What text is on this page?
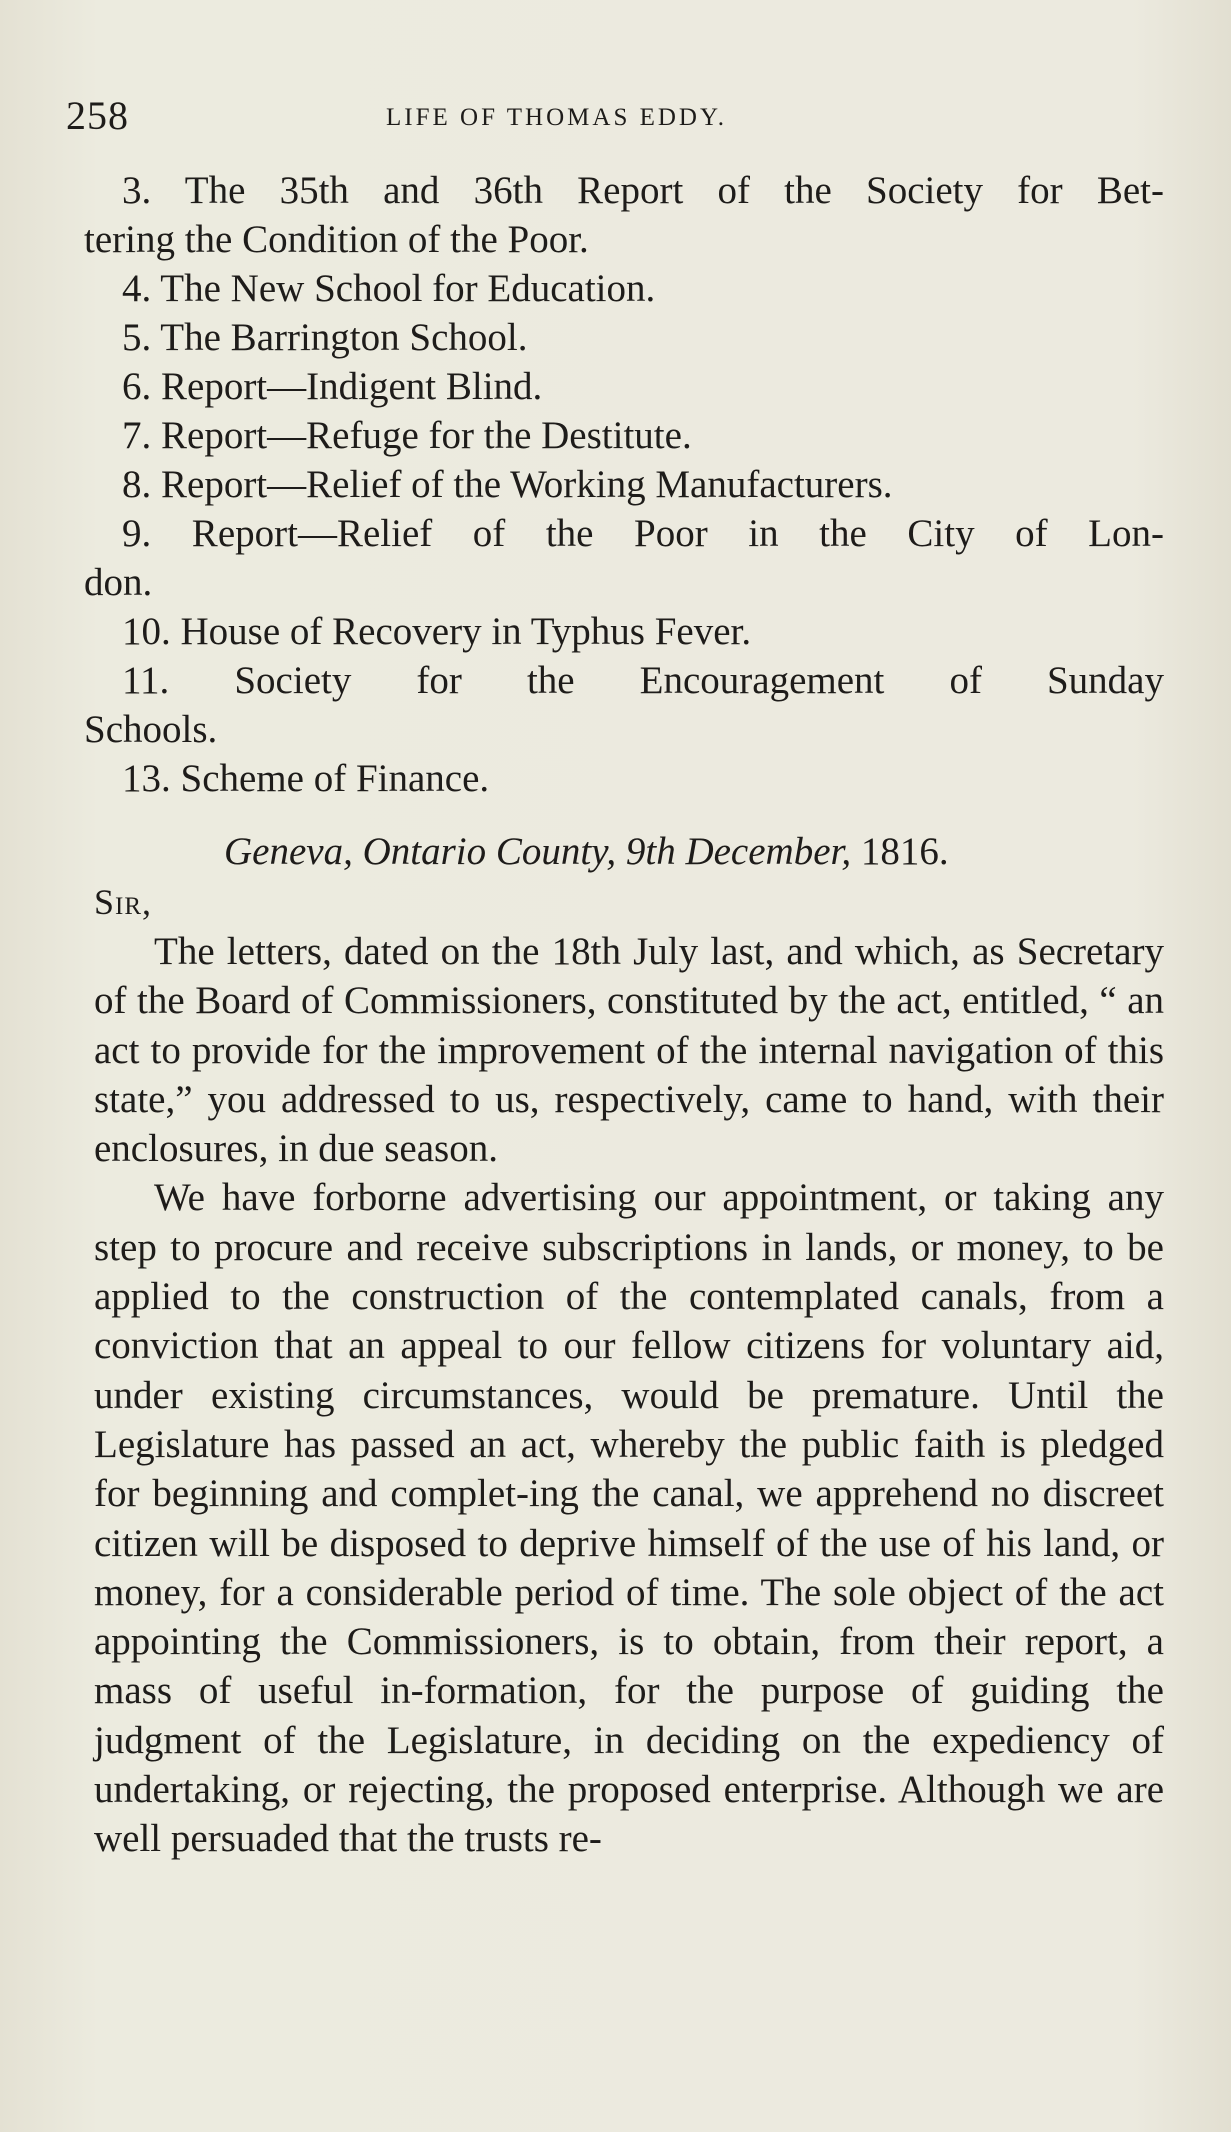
258	LIFE OF THOMAS EDDY.
3. The 35th and 36th Report of the Society for Bet-
tering the Condition of the Poor.
4. The New School for Education.
5. The Barrington School.
6. Report—Indigent Blind.
7. Report—Refuge for the Destitute.
8. Report—Relief of the Working Manufacturers.
9. Report—Relief of the Poor in the City of Lon-
don.
10. House of Recovery in Typhus Fever.
11. Society for the Encouragement of Sunday
Schools.
13. Scheme of Finance.
Geneva, Ontario County, 9th December, 1816.
Sir,

The letters, dated on the 18th July last, and which, as Secretary of the Board of Commissioners, constituted by the act, entitled, “ an act to provide for the improvement of the internal navigation of this state,” you addressed to us, respectively, came to hand, with their enclosures, in due season.

We have forborne advertising our appointment, or taking any step to procure and receive subscriptions in lands, or money, to be applied to the construction of the contemplated canals, from a conviction that an appeal to our fellow citizens for voluntary aid, under existing circumstances, would be premature. Until the Legislature has passed an act, whereby the public faith is pledged for beginning and complet-ing the canal, we apprehend no discreet citizen will be disposed to deprive himself of the use of his land, or money, for a considerable period of time. The sole object of the act appointing the Commissioners, is to obtain, from their report, a mass of useful in-formation, for the purpose of guiding the judgment of the Legislature, in deciding on the expediency of undertaking, or rejecting, the proposed enterprise. Although we are well persuaded that the trusts re-
